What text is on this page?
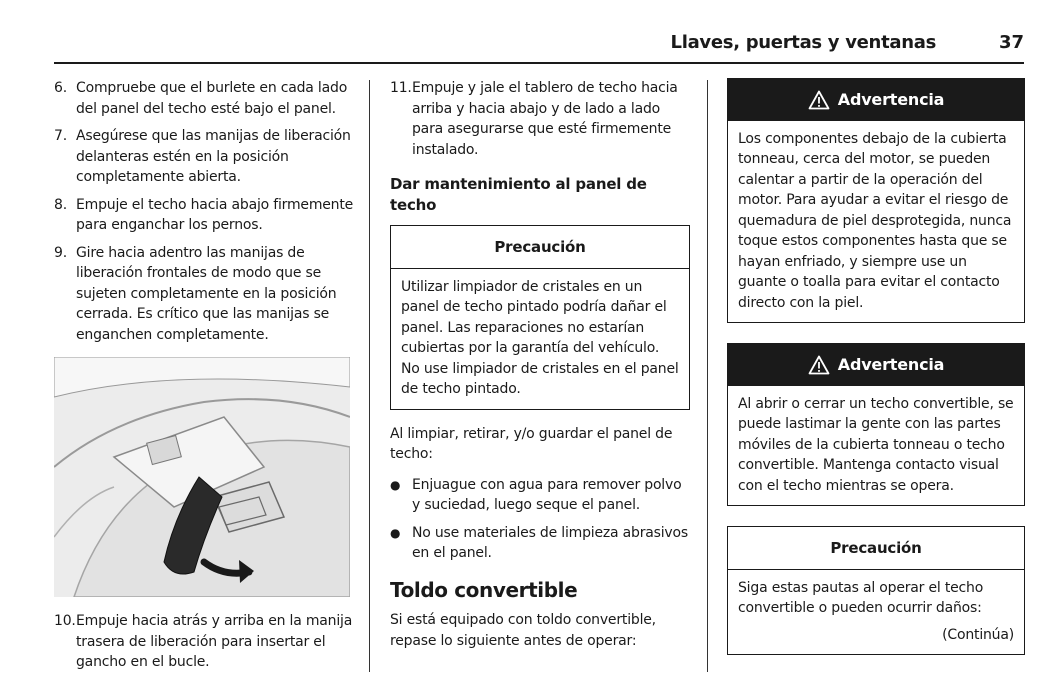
Llaves, puertas y ventanas	37
6. Compruebe que el burlete en cada lado del panel del techo esté bajo el panel.
7. Asegúrese que las manijas de liberación delanteras estén en la posición completamente abierta.
8. Empuje el techo hacia abajo firmemente para enganchar los pernos.
9. Gire hacia adentro las manijas de liberación frontales de modo que se sujeten completamente en la posición cerrada. Es crítico que las manijas se enganchen completamente.
10. Empuje hacia atrás y arriba en la manija trasera de liberación para insertar el gancho en el bucle.
11. Empuje y jale el tablero de techo hacia arriba y hacia abajo y de lado a lado para asegurarse que esté firmemente instalado.
Dar mantenimiento al panel de techo
Precaución
Utilizar limpiador de cristales en un panel de techo pintado podría dañar el panel. Las reparaciones no estarían cubiertas por la garantía del vehículo. No use limpiador de cristales en el panel de techo pintado.

Al limpiar, retirar, y/o guardar el panel de techo:

● Enjuague con agua para remover polvo y suciedad, luego seque el panel.
● No use materiales de limpieza abrasivos en el panel.
Toldo convertible

Si está equipado con toldo convertible, repase lo siguiente antes de operar:

Advertencia
Los componentes debajo de la cubierta tonneau, cerca del motor, se pueden calentar a partir de la operación del motor. Para ayudar a evitar el riesgo de quemadura de piel desprotegida, nunca toque estos componentes hasta que se hayan enfriado, y siempre use un guante o toalla para evitar el contacto directo con la piel.
Advertencia
Al abrir o cerrar un techo convertible, se puede lastimar la gente con las partes móviles de la cubierta tonneau o techo convertible. Mantenga contacto visual con el techo mientras se opera.
Precaución
Siga estas pautas al operar el techo convertible o pueden ocurrir daños:
(Continúa)
